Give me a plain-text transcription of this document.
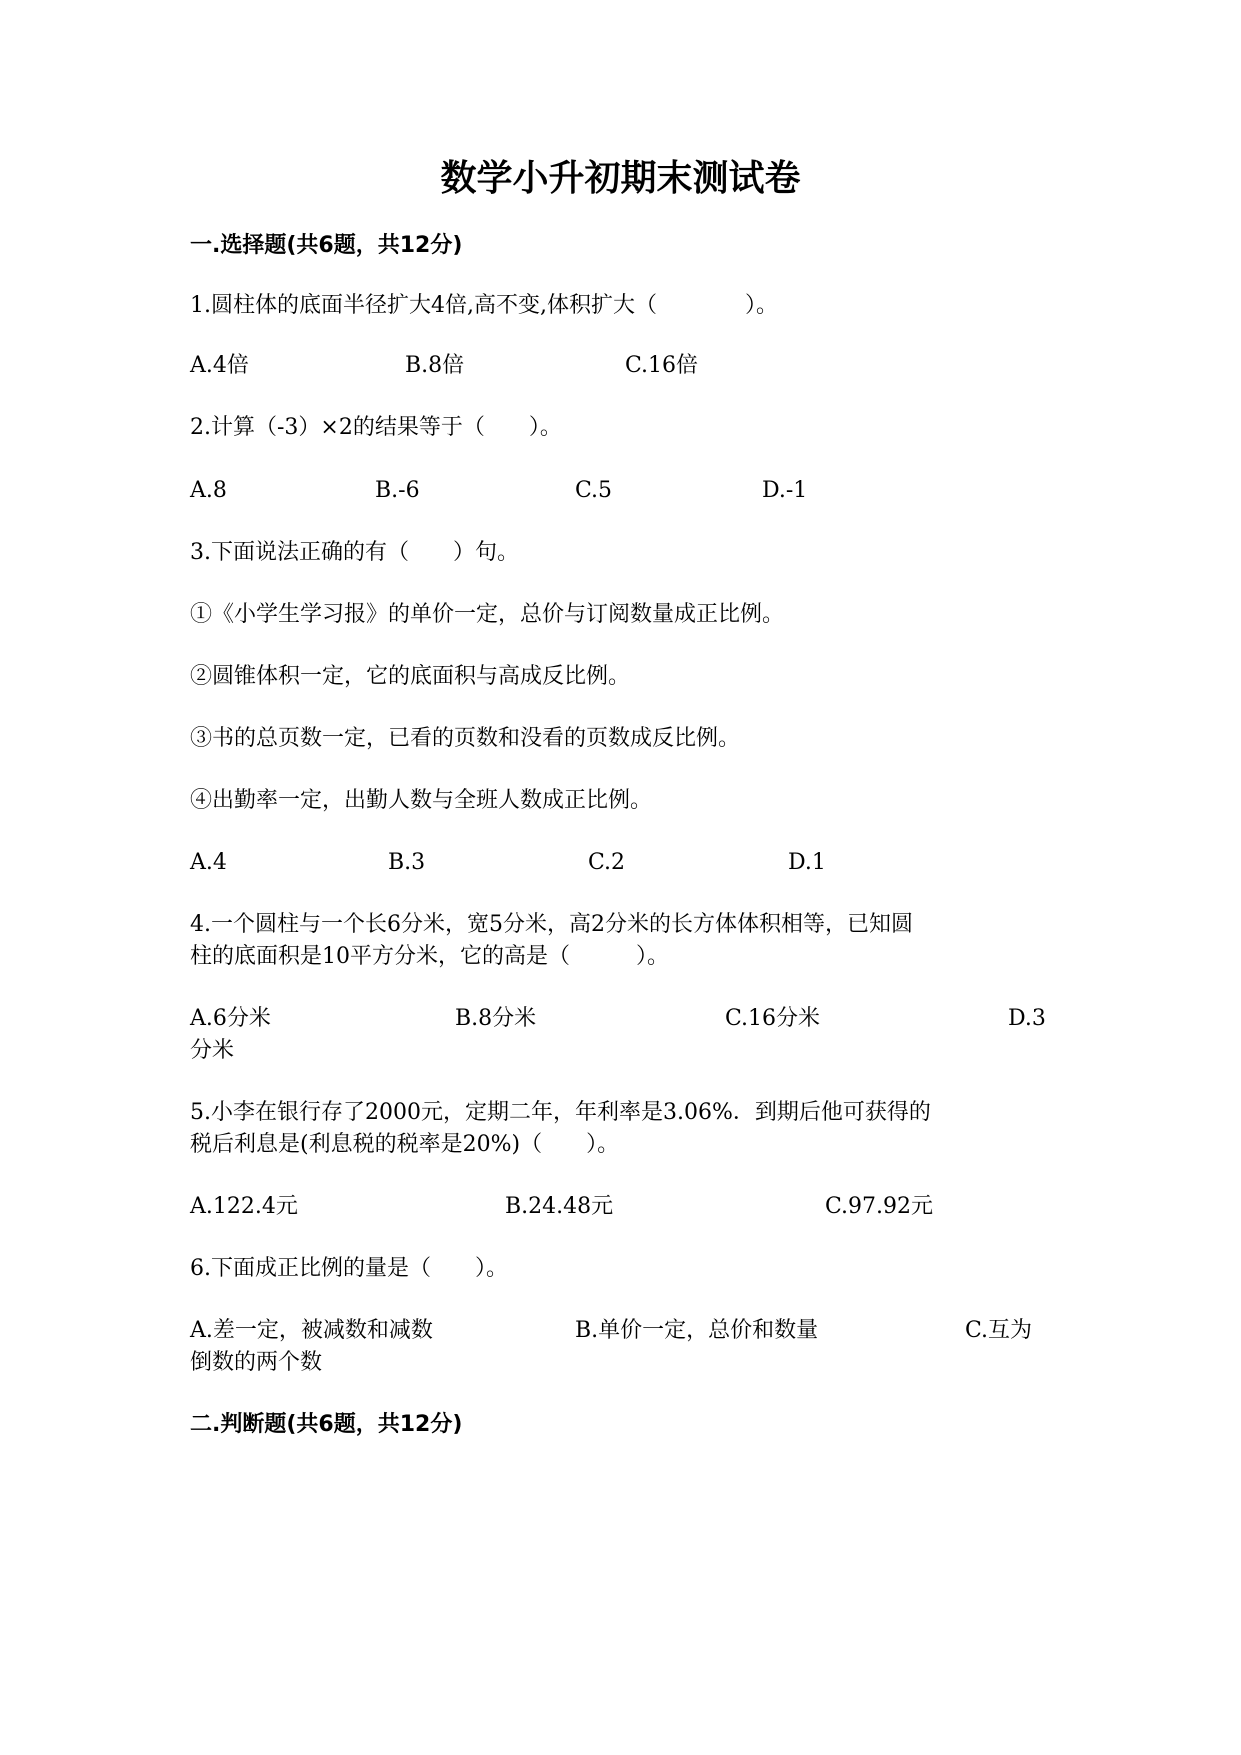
数学小升初期末测试卷
一.选择题(共6题，共12分)
1.圆柱体的底面半径扩大4倍,高不变,体积扩大（　　　　）。
A.4倍	B.8倍	C.16倍
2.计算（-3）×2的结果等于（　　）。
A.8	B.-6	C.5	D.-1
3.下面说法正确的有（　　）句。
①《小学生学习报》的单价一定，总价与订阅数量成正比例。
②圆锥体积一定，它的底面积与高成反比例。
③书的总页数一定，已看的页数和没看的页数成反比例。
④出勤率一定，出勤人数与全班人数成正比例。
A.4	B.3	C.2	D.1
4.一个圆柱与一个长6分米，宽5分米，高2分米的长方体体积相等，已知圆
柱的底面积是10平方分米，它的高是（　　　）。
A.6分米	B.8分米	C.16分米	D.3
分米
5.小李在银行存了2000元，定期二年，年利率是3.06%．到期后他可获得的
税后利息是(利息税的税率是20%)（　　）。
A.122.4元	B.24.48元	C.97.92元
6.下面成正比例的量是（　　）。
A.差一定，被减数和减数	B.单价一定，总价和数量	C.互为
倒数的两个数
二.判断题(共6题，共12分)
